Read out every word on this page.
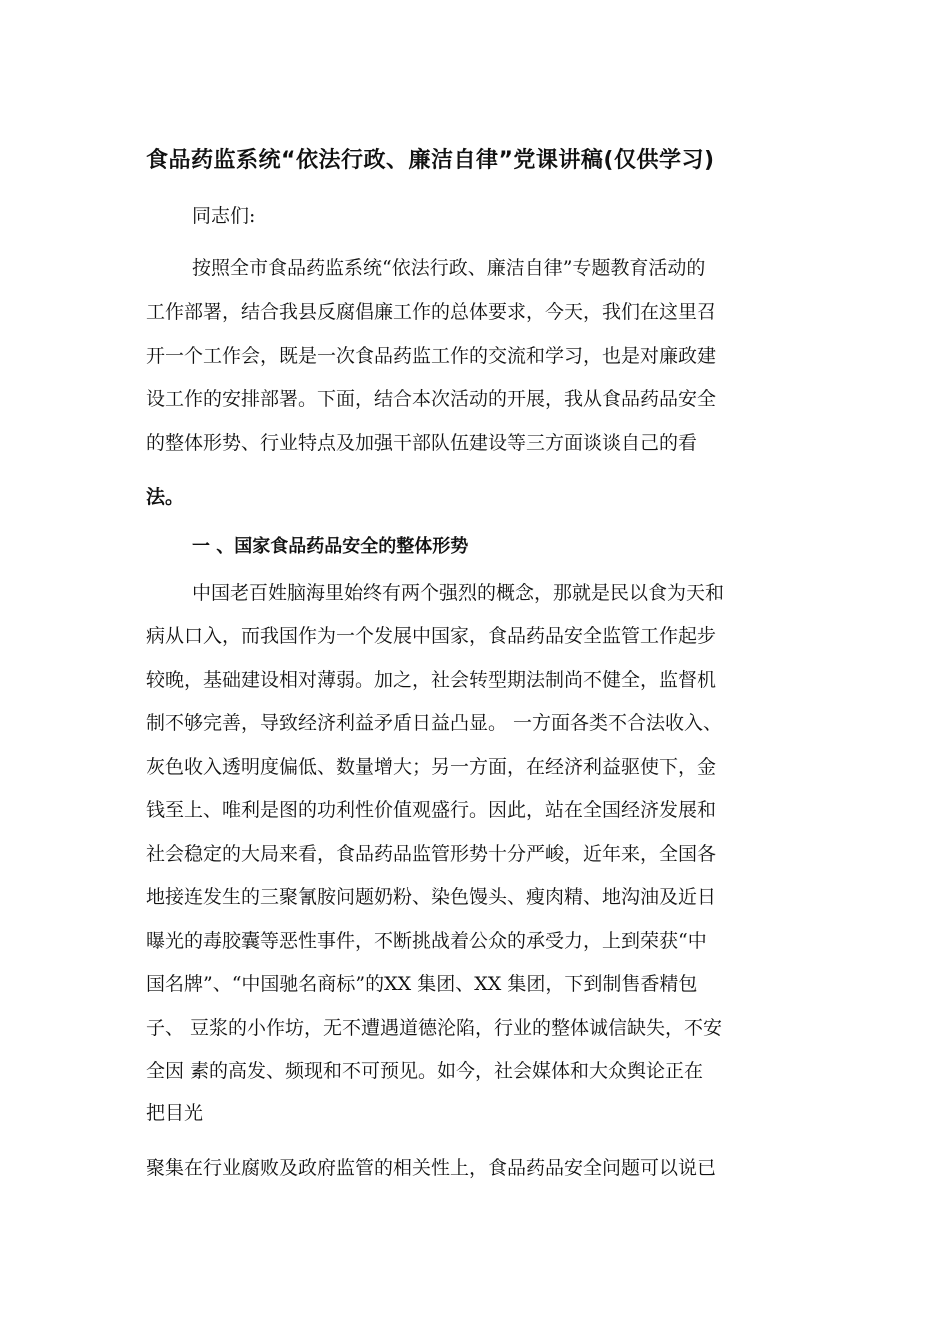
食品药监系统“依法行政、廉洁自律”党课讲稿(仅供学习)
同志们:
按照全市食品药监系统“依法行政、廉洁自律”专题教育活动的
工作部署，结合我县反腐倡廉工作的总体要求，今天，我们在这里召
开一个工作会，既是一次食品药监工作的交流和学习，也是对廉政建
设工作的安排部署。下面，结合本次活动的开展，我从食品药品安全
的整体形势、行业特点及加强干部队伍建设等三方面谈谈自己的看
法。
一 、国家食品药品安全的整体形势
中国老百姓脑海里始终有两个强烈的概念，那就是民以食为天和
病从口入，而我国作为一个发展中国家，食品药品安全监管工作起步
较晚，基础建设相对薄弱。加之，社会转型期法制尚不健全，监督机
制不够完善，导致经济利益矛盾日益凸显。 一方面各类不合法收入、
灰色收入透明度偏低、数量增大；另一方面，在经济利益驱使下，金
钱至上、唯利是图的功利性价值观盛行。因此，站在全国经济发展和
社会稳定的大局来看，食品药品监管形势十分严峻，近年来，全国各
地接连发生的三聚氰胺问题奶粉、染色馒头、瘦肉精、地沟油及近日
曝光的毒胶囊等恶性事件，不断挑战着公众的承受力，上到荣获“中
国名牌”、“中国驰名商标”的XX 集团、XX 集团，下到制售香精包
子、 豆浆的小作坊，无不遭遇道德沦陷，行业的整体诚信缺失，不安
全因 素的高发、频现和不可预见。如今，社会媒体和大众舆论正在
把目光
聚集在行业腐败及政府监管的相关性上，食品药品安全问题可以说已
